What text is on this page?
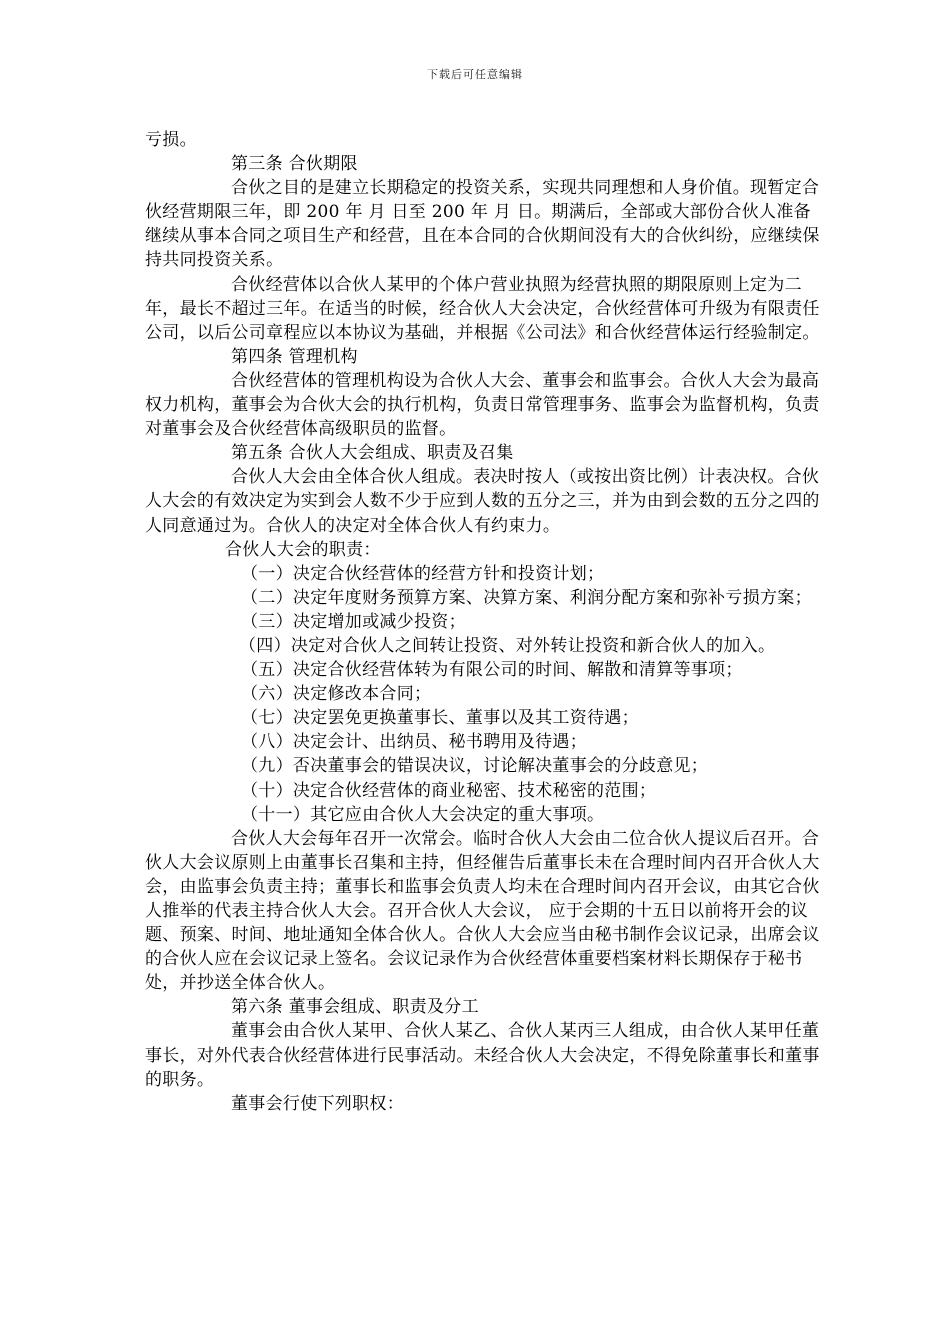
下载后可任意编辑

亏损。

第三条 合伙期限

合伙之目的是建立长期稳定的投资关系，实现共同理想和人身价值。现暂定合伙经营期限三年，即 200 年 月 日至 200 年 月 日。期满后，全部或大部份合伙人准备继续从事本合同之项目生产和经营，且在本合同的合伙期间没有大的合伙纠纷，应继续保持共同投资关系。

合伙经营体以合伙人某甲的个体户营业执照为经营执照的期限原则上定为二年，最长不超过三年。在适当的时候，经合伙人大会决定，合伙经营体可升级为有限责任公司，以后公司章程应以本协议为基础，并根据《公司法》和合伙经营体运行经验制定。

第四条 管理机构

合伙经营体的管理机构设为合伙人大会、董事会和监事会。合伙人大会为最高权力机构，董事会为合伙大会的执行机构，负责日常管理事务、监事会为监督机构，负责对董事会及合伙经营体高级职员的监督。

第五条 合伙人大会组成、职责及召集

合伙人大会由全体合伙人组成。表决时按人（或按出资比例）计表决权。合伙人大会的有效决定为实到会人数不少于应到人数的五分之三，并为由到会数的五分之四的人同意通过为。合伙人的决定对全体合伙人有约束力。

合伙人大会的职责：

（一）决定合伙经营体的经营方针和投资计划；

（二）决定年度财务预算方案、决算方案、利润分配方案和弥补亏损方案；

（三）决定增加或减少投资；

（四）决定对合伙人之间转让投资、对外转让投资和新合伙人的加入。

（五）决定合伙经营体转为有限公司的时间、解散和清算等事项；

（六）决定修改本合同；

（七）决定罢免更换董事长、董事以及其工资待遇；

（八）决定会计、出纳员、秘书聘用及待遇；

（九）否决董事会的错误决议，讨论解决董事会的分歧意见；

（十）决定合伙经营体的商业秘密、技术秘密的范围；

（十一）其它应由合伙人大会决定的重大事项。

合伙人大会每年召开一次常会。临时合伙人大会由二位合伙人提议后召开。合伙人大会议原则上由董事长召集和主持，但经催告后董事长未在合理时间内召开合伙人大会，由监事会负责主持；董事长和监事会负责人均未在合理时间内召开会议，由其它合伙人推举的代表主持合伙人大会。召开合伙人大会议， 应于会期的十五日以前将开会的议题、预案、时间、地址通知全体合伙人。合伙人大会应当由秘书制作会议记录，出席会议的合伙人应在会议记录上签名。会议记录作为合伙经营体重要档案材料长期保存于秘书处，并抄送全体合伙人。

第六条 董事会组成、职责及分工

董事会由合伙人某甲、合伙人某乙、合伙人某丙三人组成，由合伙人某甲任董事长，对外代表合伙经营体进行民事活动。未经合伙人大会决定，不得免除董事长和董事的职务。

董事会行使下列职权：
